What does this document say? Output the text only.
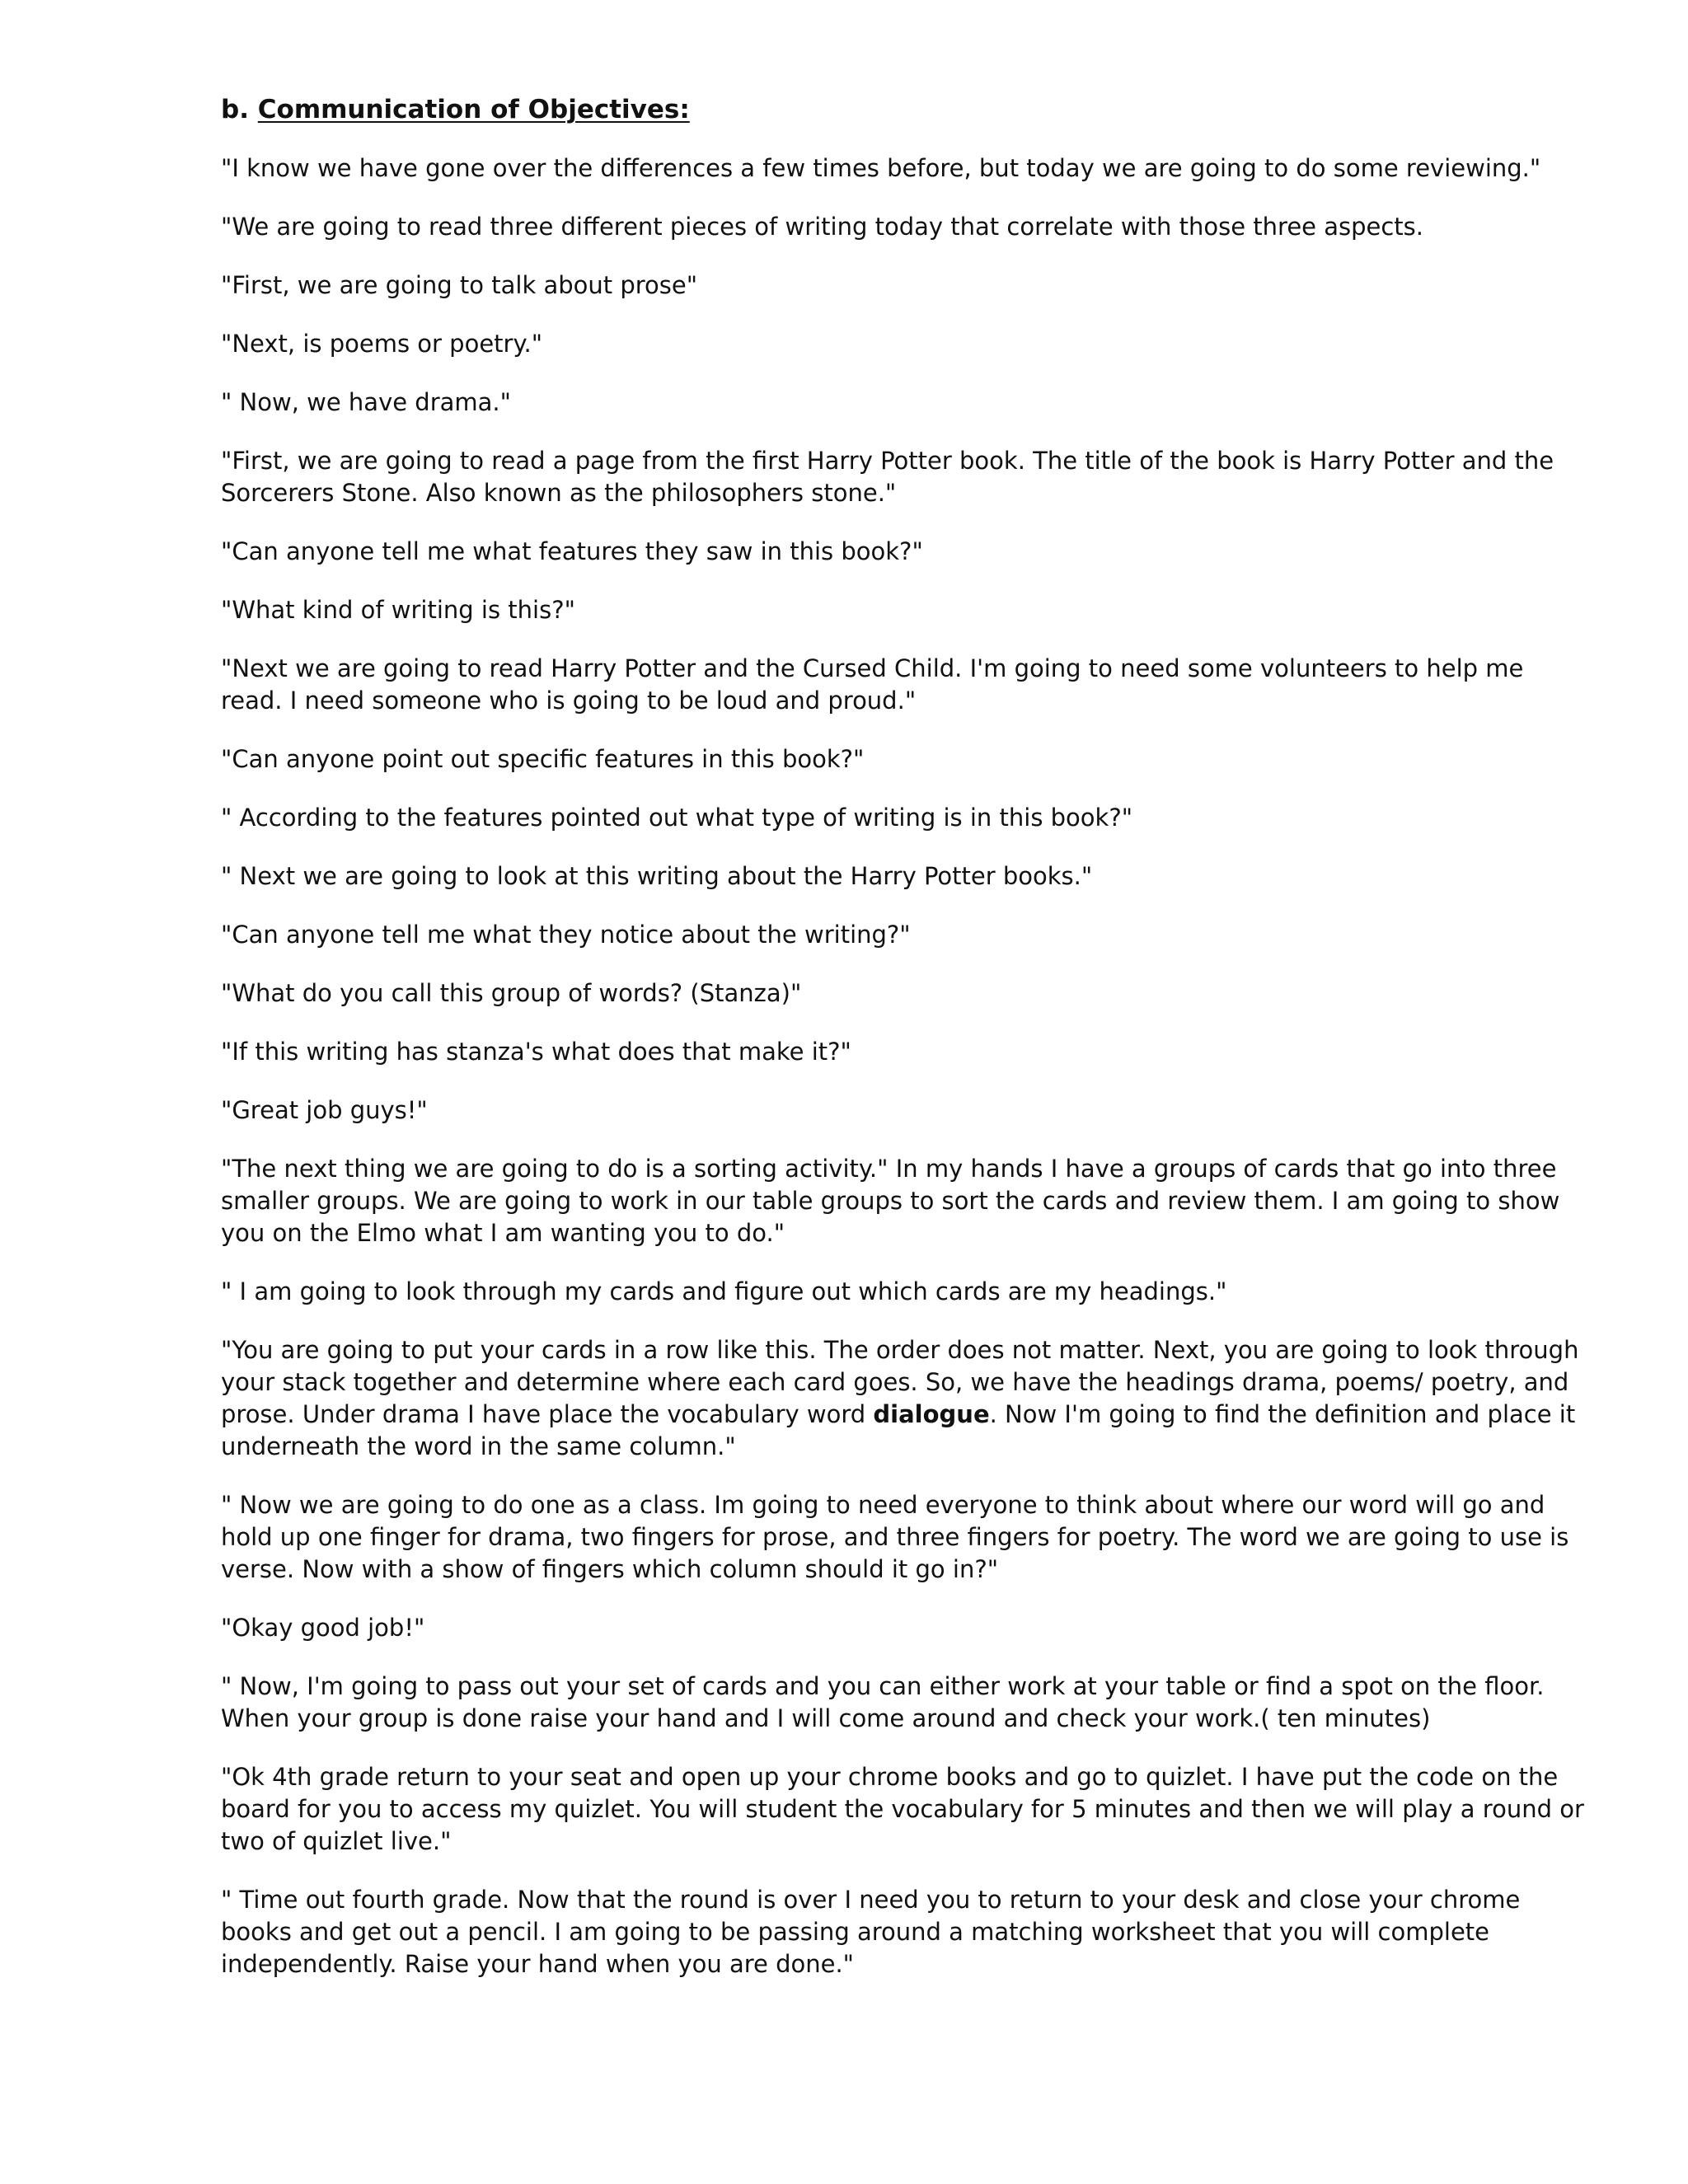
b. Communication of Objectives:

"I know we have gone over the differences a few times before, but today we are going to do some reviewing."

"We are going to read three different pieces of writing today that correlate with those three aspects.

"First, we are going to talk about prose"

"Next, is poems or poetry."

" Now, we have drama."

"First, we are going to read a page from the first Harry Potter book. The title of the book is Harry Potter and the Sorcerers Stone. Also known as the philosophers stone."

"Can anyone tell me what features they saw in this book?"

"What kind of writing is this?"

"Next we are going to read Harry Potter and the Cursed Child. I'm going to need some volunteers to help me read. I need someone who is going to be loud and proud."

"Can anyone point out specific features in this book?"

" According to the features pointed out what type of writing is in this book?"

" Next we are going to look at this writing about the Harry Potter books."

"Can anyone tell me what they notice about the writing?"

"What do you call this group of words? (Stanza)"

"If this writing has stanza's what does that make it?"

"Great job guys!"

"The next thing we are going to do is a sorting activity." In my hands I have a groups of cards that go into three smaller groups. We are going to work in our table groups to sort the cards and review them. I am going to show you on the Elmo what I am wanting you to do."

" I am going to look through my cards and figure out which cards are my headings."

"You are going to put your cards in a row like this. The order does not matter. Next, you are going to look through your stack together and determine where each card goes. So, we have the headings drama, poems/ poetry, and prose. Under drama I have place the vocabulary word dialogue. Now I'm going to find the definition and place it underneath the word in the same column."

" Now we are going to do one as a class. Im going to need everyone to think about where our word will go and hold up one finger for drama, two fingers for prose, and three fingers for poetry. The word we are going to use is verse. Now with a show of fingers which column should it go in?"

"Okay good job!"

" Now, I'm going to pass out your set of cards and you can either work at your table or find a spot on the floor. When your group is done raise your hand and I will come around and check your work.( ten minutes)

"Ok 4th grade return to your seat and open up your chrome books and go to quizlet. I have put the code on the board for you to access my quizlet. You will student the vocabulary for 5 minutes and then we will play a round or two of quizlet live."

" Time out fourth grade. Now that the round is over I need you to return to your desk and close your chrome books and get out a pencil. I am going to be passing around a matching worksheet that you will complete independently. Raise your hand when you are done."
